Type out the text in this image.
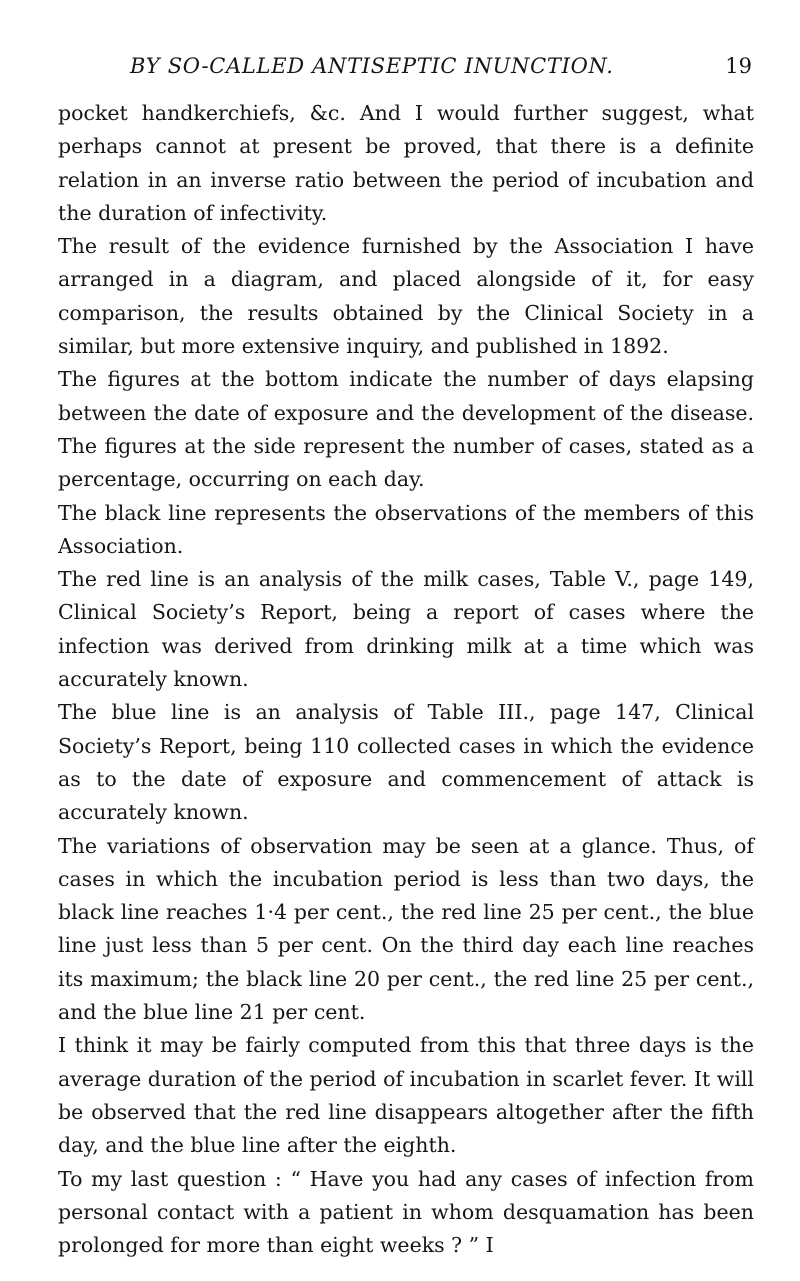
BY SO-CALLED ANTISEPTIC INUNCTION.	19

pocket handkerchiefs, &c. And I would further suggest, what perhaps cannot at present be proved, that there is a definite relation in an inverse ratio between the period of incubation and the duration of infectivity.

The result of the evidence furnished by the Association I have arranged in a diagram, and placed alongside of it, for easy comparison, the results obtained by the Clinical Society in a similar, but more extensive inquiry, and published in 1892.

The figures at the bottom indicate the number of days elapsing between the date of exposure and the development of the disease. The figures at the side represent the number of cases, stated as a percentage, occurring on each day.

The black line represents the observations of the members of this Association.

The red line is an analysis of the milk cases, Table V., page 149, Clinical Society’s Report, being a report of cases where the infection was derived from drinking milk at a time which was accurately known.

The blue line is an analysis of Table III., page 147, Clinical Society’s Report, being 110 collected cases in which the evidence as to the date of exposure and commencement of attack is accurately known.

The variations of observation may be seen at a glance. Thus, of cases in which the incubation period is less than two days, the black line reaches 1·4 per cent., the red line 25 per cent., the blue line just less than 5 per cent. On the third day each line reaches its maximum; the black line 20 per cent., the red line 25 per cent., and the blue line 21 per cent.

I think it may be fairly computed from this that three days is the average duration of the period of incubation in scarlet fever. It will be observed that the red line disappears altogether after the fifth day, and the blue line after the eighth.

To my last question : “ Have you had any cases of infection from personal contact with a patient in whom desquamation has been prolonged for more than eight weeks ? ” I
